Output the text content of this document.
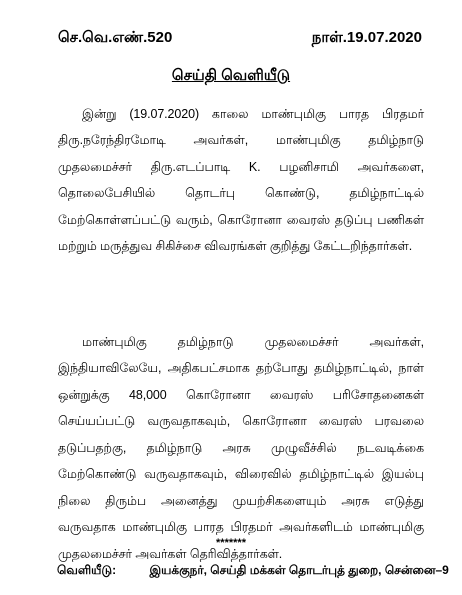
செ.வெ.எண்.520	நாள்.19.07.2020
செய்தி வெளியீடு

இன்று (19.07.2020) காலை மாண்புமிகு பாரத பிரதமர் திரு.நரேந்திரமோடி அவர்கள், மாண்புமிகு தமிழ்நாடு முதலமைச்சர் திரு.எடப்பாடி K. பழனிசாமி அவர்களை, தொலைபேசியில் தொடர்பு கொண்டு, தமிழ்நாட்டில் மேற்கொள்ளப்பட்டு வரும், கொரோனா வைரஸ் தடுப்பு பணிகள் மற்றும் மருத்துவ சிகிச்சை விவரங்கள் குறித்து கேட்டறிந்தார்கள்.

மாண்புமிகு தமிழ்நாடு முதலமைச்சர் அவர்கள், இந்தியாவிலேயே, அதிகபட்சமாக தற்போது தமிழ்நாட்டில், நாள் ஒன்றுக்கு 48,000 கொரோனா வைரஸ் பரிசோதனைகள் செய்யப்பட்டு வருவதாகவும், கொரோனா வைரஸ் பரவலை தடுப்பதற்கு, தமிழ்நாடு அரசு முழுவீச்சில் நடவடிக்கை மேற்கொண்டு வருவதாகவும், விரைவில் தமிழ்நாட்டில் இயல்பு நிலை திரும்ப அனைத்து முயற்சிகளையும் அரசு எடுத்து வருவதாக மாண்புமிகு பாரத பிரதமர் அவர்களிடம் மாண்புமிகு முதலமைச்சர் அவர்கள் தெரிவித்தார்கள்.

*******
வெளியீடு:	இயக்குநர், செய்தி மக்கள் தொடர்புத் துறை, சென்னை–9
